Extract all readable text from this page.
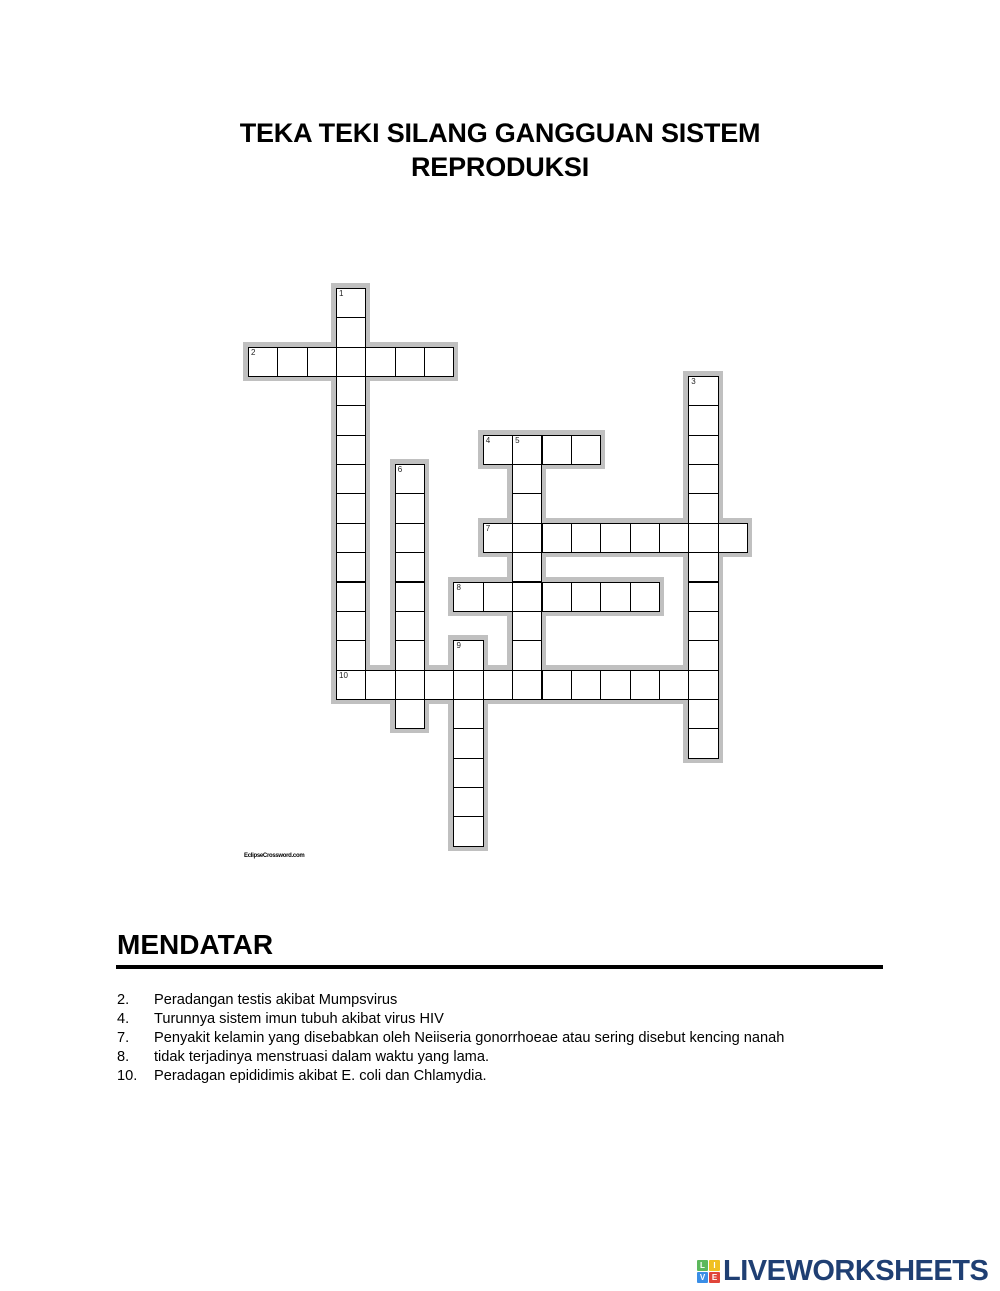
TEKA TEKI SILANG GANGGUAN SISTEM
REPRODUKSI
1
10
2
3
4	5
6
7
8
9
EclipseCrossword.com
MENDATAR
2.	Peradangan testis akibat Mumpsvirus
4.	Turunnya sistem imun tubuh akibat virus HIV
7.	Penyakit kelamin yang disebabkan oleh Neiiseria gonorrhoeae atau sering disebut kencing nanah
8.	tidak terjadinya menstruasi dalam waktu yang lama.
10.	Peradagan epididimis akibat E. coli dan Chlamydia.
L	I
V E LIVEWORKSHEETS
